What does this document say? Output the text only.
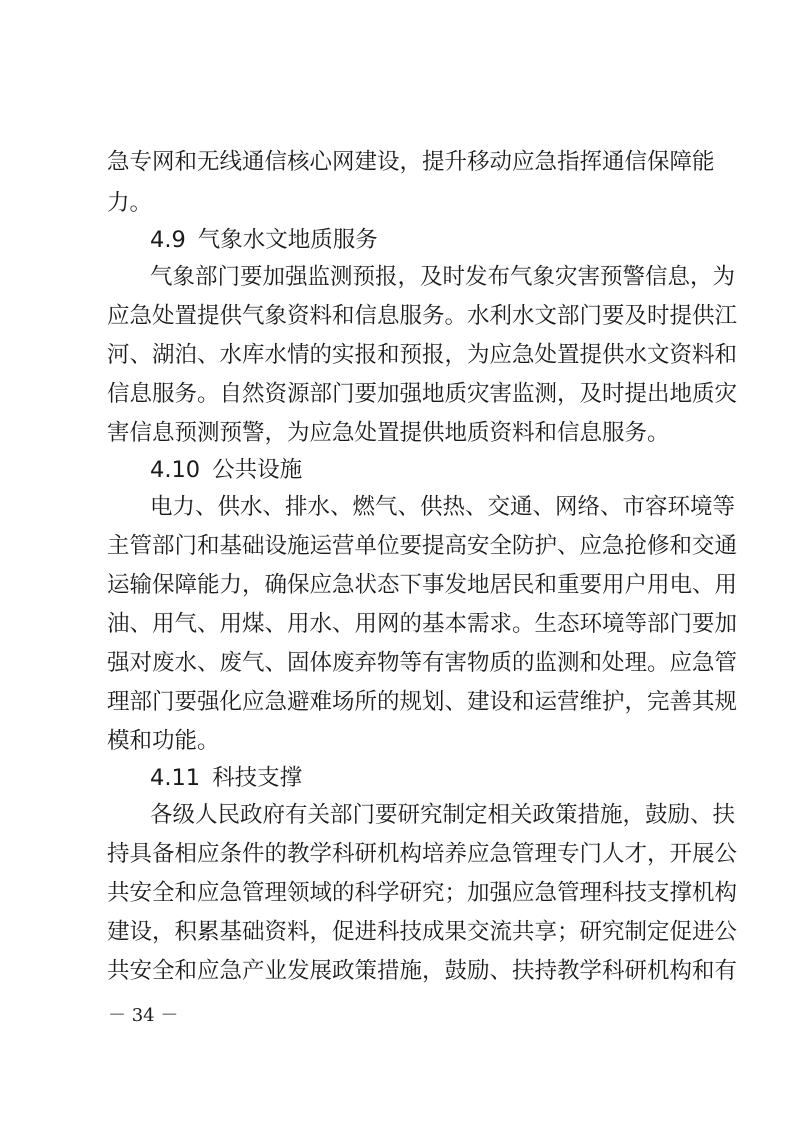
急专网和无线通信核心网建设，提升移动应急指挥通信保障能
力。
4.9 气象水文地质服务
气象部门要加强监测预报，及时发布气象灾害预警信息，为
应急处置提供气象资料和信息服务。水利水文部门要及时提供江
河、湖泊、水库水情的实报和预报，为应急处置提供水文资料和
信息服务。自然资源部门要加强地质灾害监测，及时提出地质灾
害信息预测预警，为应急处置提供地质资料和信息服务。
4.10 公共设施
电力、供水、排水、燃气、供热、交通、网络、市容环境等
主管部门和基础设施运营单位要提高安全防护、应急抢修和交通
运输保障能力，确保应急状态下事发地居民和重要用户用电、用
油、用气、用煤、用水、用网的基本需求。生态环境等部门要加
强对废水、废气、固体废弃物等有害物质的监测和处理。应急管
理部门要强化应急避难场所的规划、建设和运营维护，完善其规
模和功能。
4.11 科技支撑
各级人民政府有关部门要研究制定相关政策措施，鼓励、扶
持具备相应条件的教学科研机构培养应急管理专门人才，开展公
共安全和应急管理领域的科学研究；加强应急管理科技支撑机构
建设，积累基础资料，促进科技成果交流共享；研究制定促进公
共安全和应急产业发展政策措施，鼓励、扶持教学科研机构和有
－ 34 －
